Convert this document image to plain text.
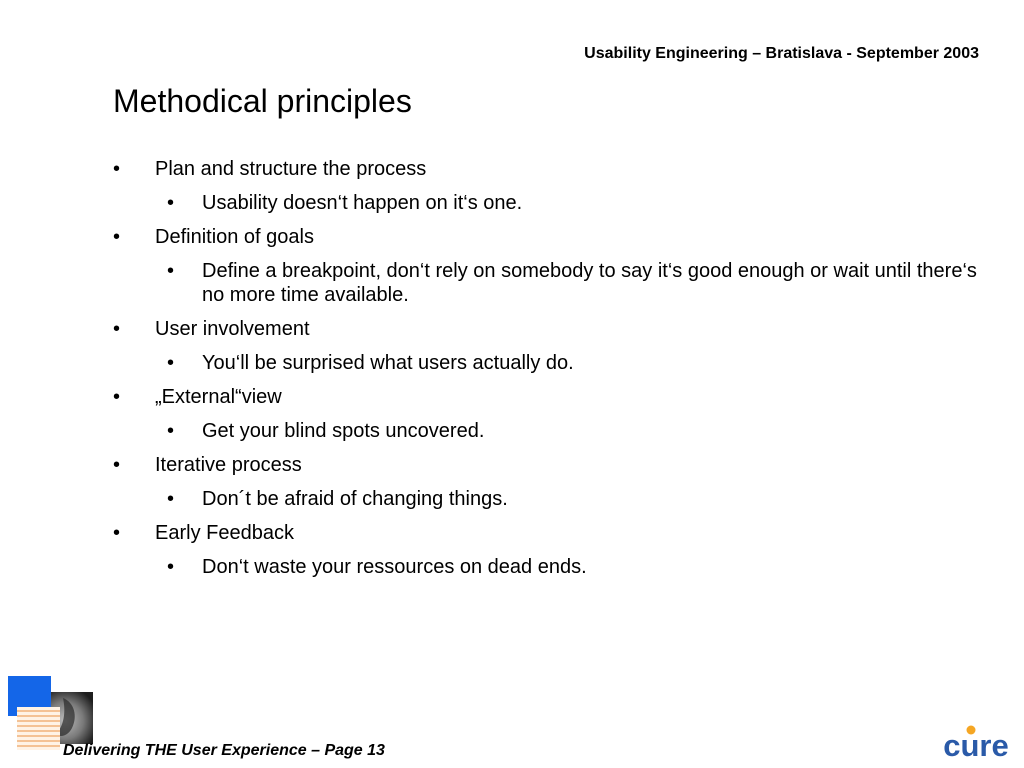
Usability Engineering – Bratislava - September 2003
Methodical principles
• Plan and structure the process
• Usability doesn‘t happen on it‘s one.
• Definition of goals
• Define a breakpoint, don‘t rely on somebody to say it‘s good enough or wait until there‘s no more time available.
• User involvement
• You‘ll be surprised what users actually do.
• „External“view
• Get your blind spots uncovered.
• Iterative process
• Don´t be afraid of changing things.
• Early Feedback
• Don‘t waste your ressources on dead ends.
Delivering THE User Experience – Page 13	cure
